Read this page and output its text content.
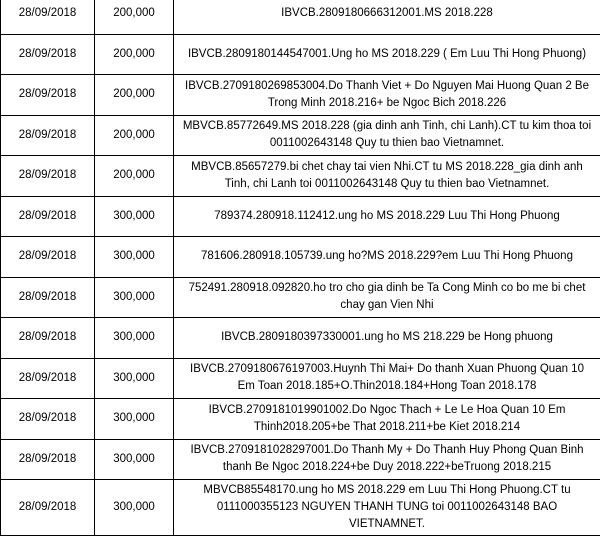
28/09/2018	200,000	IBVCB.2809180666312001.MS 2018.228
28/09/2018	200,000	IBVCB.2809180144547001.Ung ho MS 2018.229 ( Em Luu Thi Hong Phuong)
28/09/2018	200,000	IBVCB.2709180269853004.Do Thanh Viet + Do Nguyen Mai Huong Quan 2 Be Trong Minh 2018.216+ be Ngoc Bich 2018.226
28/09/2018	200,000	MBVCB.85772649.MS 2018.228 (gia dinh anh Tinh, chi Lanh).CT tu kim thoa toi 0011002643148 Quy tu thien bao Vietnamnet.
28/09/2018	200,000	MBVCB.85657279.bi chet chay tai vien Nhi.CT tu MS 2018.228_gia dinh anh Tinh, chi Lanh toi 0011002643148 Quy tu thien bao Vietnamnet.
28/09/2018	300,000	789374.280918.112412.ung ho MS 2018.229 Luu Thi Hong Phuong
28/09/2018	300,000	781606.280918.105739.ung ho?MS 2018.229?em Luu Thi Hong Phuong
28/09/2018	300,000	752491.280918.092820.ho tro cho gia dinh be Ta Cong Minh co bo me bi chet chay gan Vien Nhi
28/09/2018	300,000	IBVCB.2809180397330001.ung ho MS 218.229 be Hong phuong
28/09/2018	300,000	IBVCB.2709180676197003.Huynh Thi Mai+ Do thanh Xuan Phuong Quan 10 Em Toan 2018.185+O.Thin2018.184+Hong Toan 2018.178
28/09/2018	300,000	IBVCB.2709181019901002.Do Ngoc Thach + Le Le Hoa Quan 10 Em Thinh2018.205+be That 2018.211+be Kiet 2018.214
28/09/2018	300,000	IBVCB.2709181028297001.Do Thanh My + Do Thanh Huy Phong Quan Binh thanh Be Ngoc 2018.224+be Duy 2018.222+beTruong 2018.215
28/09/2018	300,000	MBVCB85548170.ung ho MS 2018.229 em Luu Thi Hong Phuong.CT tu 0111000355123 NGUYEN THANH TUNG toi 0011002643148 BAO VIETNAMNET.
